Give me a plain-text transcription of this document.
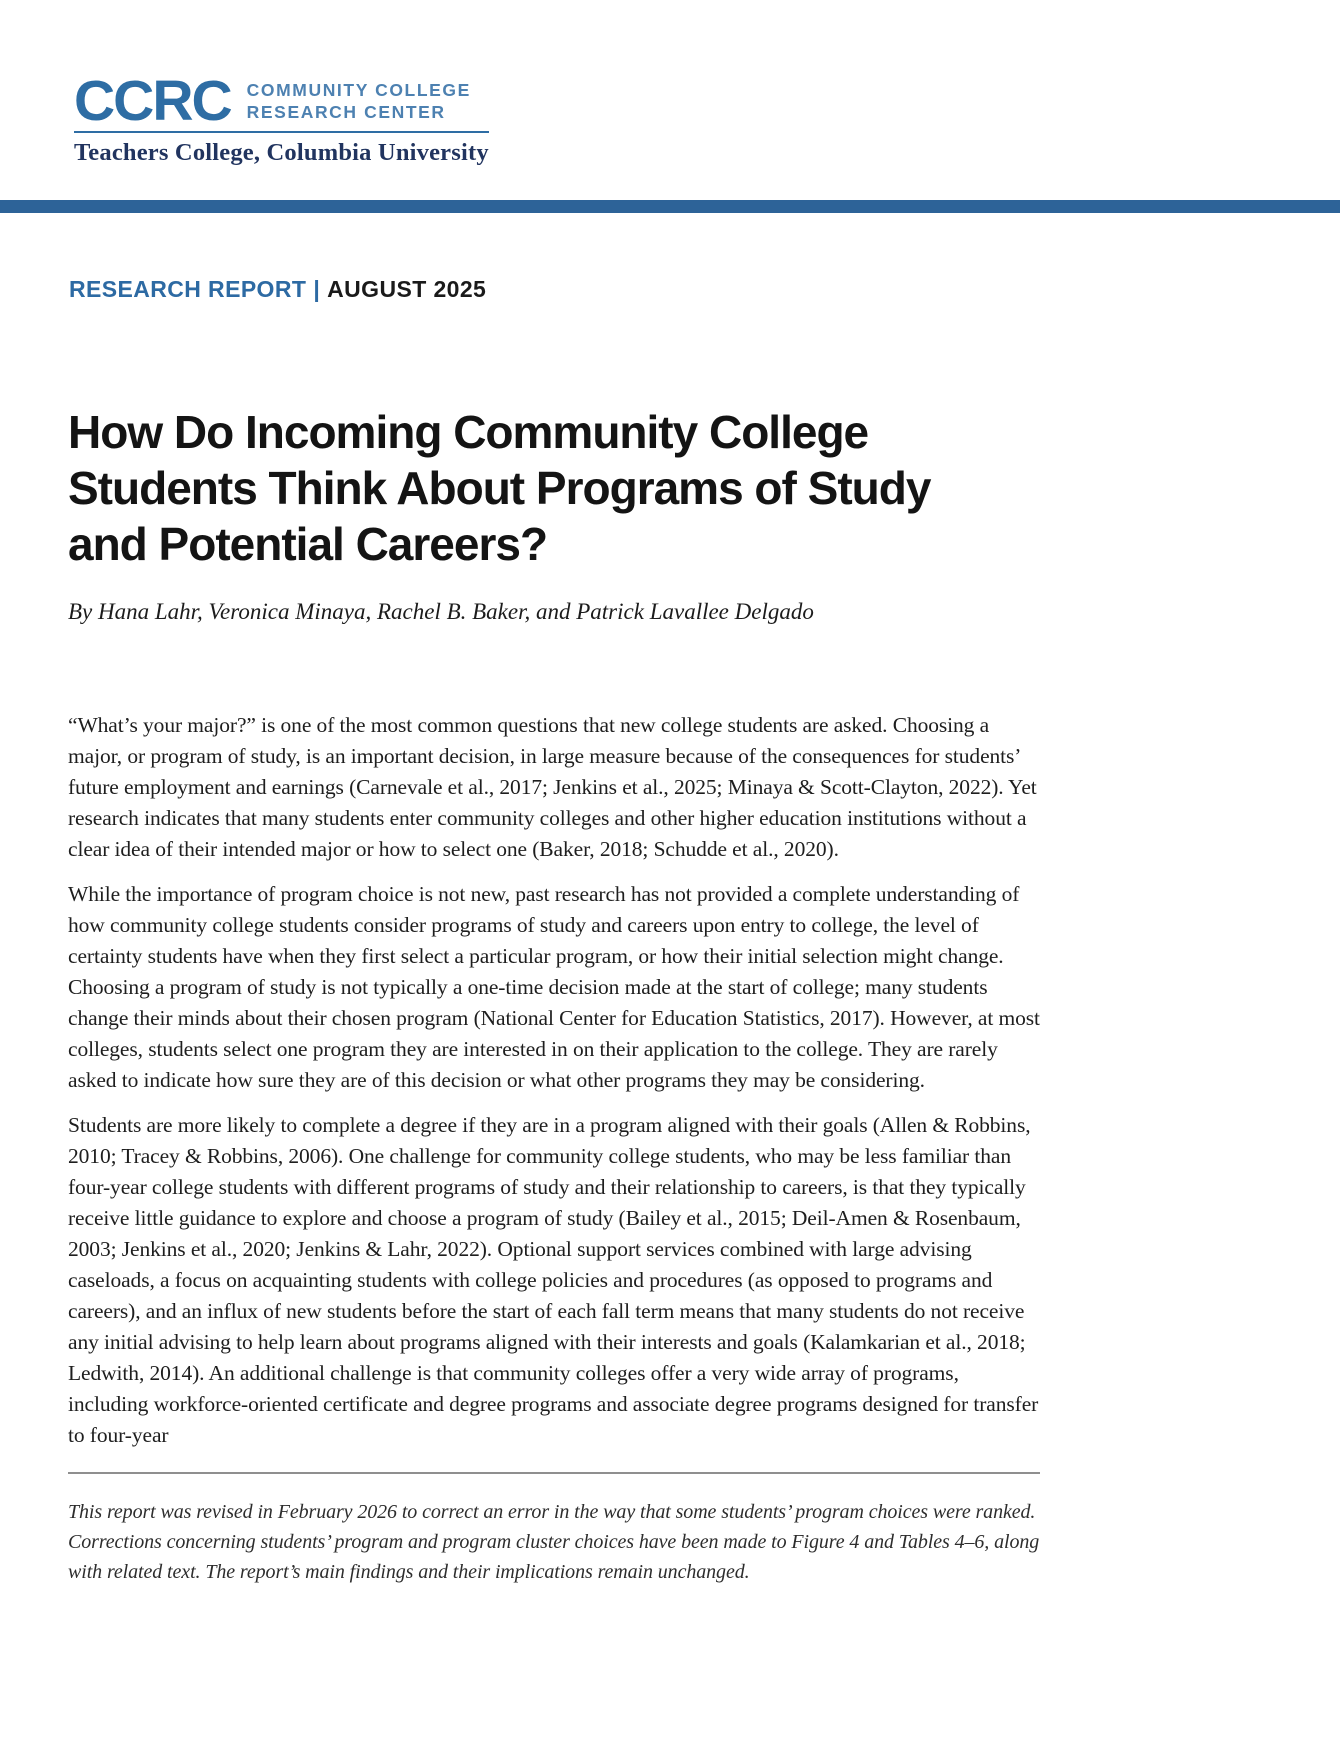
CCRC COMMUNITY COLLEGE
RESEARCH CENTER
Teachers College, Columbia University
RESEARCH REPORT | AUGUST 2025
How Do Incoming Community College Students Think About Programs of Study and Potential Careers?
By Hana Lahr, Veronica Minaya, Rachel B. Baker, and Patrick Lavallee Delgado

“What’s your major?” is one of the most common questions that new college students are asked. Choosing a major, or program of study, is an important decision, in large measure because of the consequences for students’ future employment and earnings (Carnevale et al., 2017; Jenkins et al., 2025; Minaya & Scott-Clayton, 2022). Yet research indicates that many students enter community colleges and other higher education institutions without a clear idea of their intended major or how to select one (Baker, 2018; Schudde et al., 2020).

While the importance of program choice is not new, past research has not provided a complete understanding of how community college students consider programs of study and careers upon entry to college, the level of certainty students have when they first select a particular program, or how their initial selection might change. Choosing a program of study is not typically a one-time decision made at the start of college; many students change their minds about their chosen program (National Center for Education Statistics, 2017). However, at most colleges, students select one program they are interested in on their application to the college. They are rarely asked to indicate how sure they are of this decision or what other programs they may be considering.

Students are more likely to complete a degree if they are in a program aligned with their goals (Allen & Robbins, 2010; Tracey & Robbins, 2006). One challenge for community college students, who may be less familiar than four-year college students with different programs of study and their relationship to careers, is that they typically receive little guidance to explore and choose a program of study (Bailey et al., 2015; Deil-Amen & Rosenbaum, 2003; Jenkins et al., 2020; Jenkins & Lahr, 2022). Optional support services combined with large advising caseloads, a focus on acquainting students with college policies and procedures (as opposed to programs and careers), and an influx of new students before the start of each fall term means that many students do not receive any initial advising to help learn about programs aligned with their interests and goals (Kalamkarian et al., 2018; Ledwith, 2014). An additional challenge is that community colleges offer a very wide array of programs, including workforce-oriented certificate and degree programs and associate degree programs designed for transfer to four-year

This report was revised in February 2026 to correct an error in the way that some students’ program choices were ranked. Corrections concerning students’ program and program cluster choices have been made to Figure 4 and Tables 4–6, along with related text. The report’s main findings and their implications remain unchanged.
